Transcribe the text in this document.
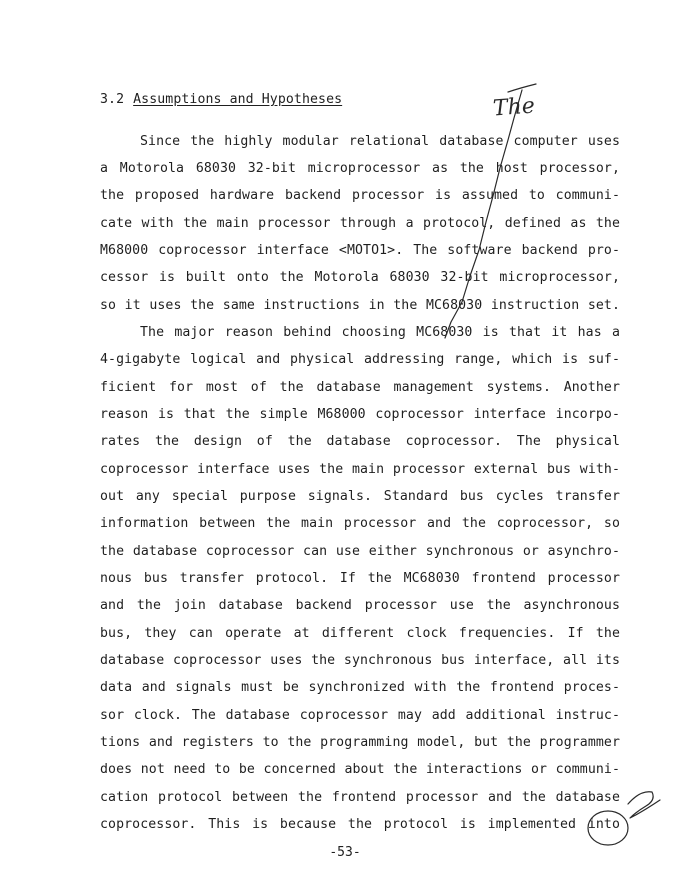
3.2 Assumptions and Hypotheses
Since the highly modular relational database computer uses
a Motorola 68030 32-bit microprocessor as the host processor,
the proposed hardware backend processor is assumed to communi-
cate with the main processor through a protocol, defined as the
M68000 coprocessor interface <MOTO1>. The software backend pro-
cessor is built onto the Motorola 68030 32-bit microprocessor,
so it uses the same instructions in the MC68030 instruction set.
The major reason behind choosing MC68030 is that it has a
4-gigabyte logical and physical addressing range, which is suf-
ficient for most of the database management systems. Another
reason is that the simple M68000 coprocessor interface incorpo-
rates the design of the database coprocessor. The physical
coprocessor interface uses the main processor external bus with-
out any special purpose signals. Standard bus cycles transfer
information between the main processor and the coprocessor, so
the database coprocessor can use either synchronous or asynchro-
nous bus transfer protocol. If the MC68030 frontend processor
and the join database backend processor use the asynchronous
bus, they can operate at different clock frequencies. If the
database coprocessor uses the synchronous bus interface, all its
data and signals must be synchronized with the frontend proces-
sor clock. The database coprocessor may add additional instruc-
tions and registers to the programming model, but the programmer
does not need to be concerned about the interactions or communi-
cation protocol between the frontend processor and the database
coprocessor. This is because the protocol is implemented into
-53-
The
